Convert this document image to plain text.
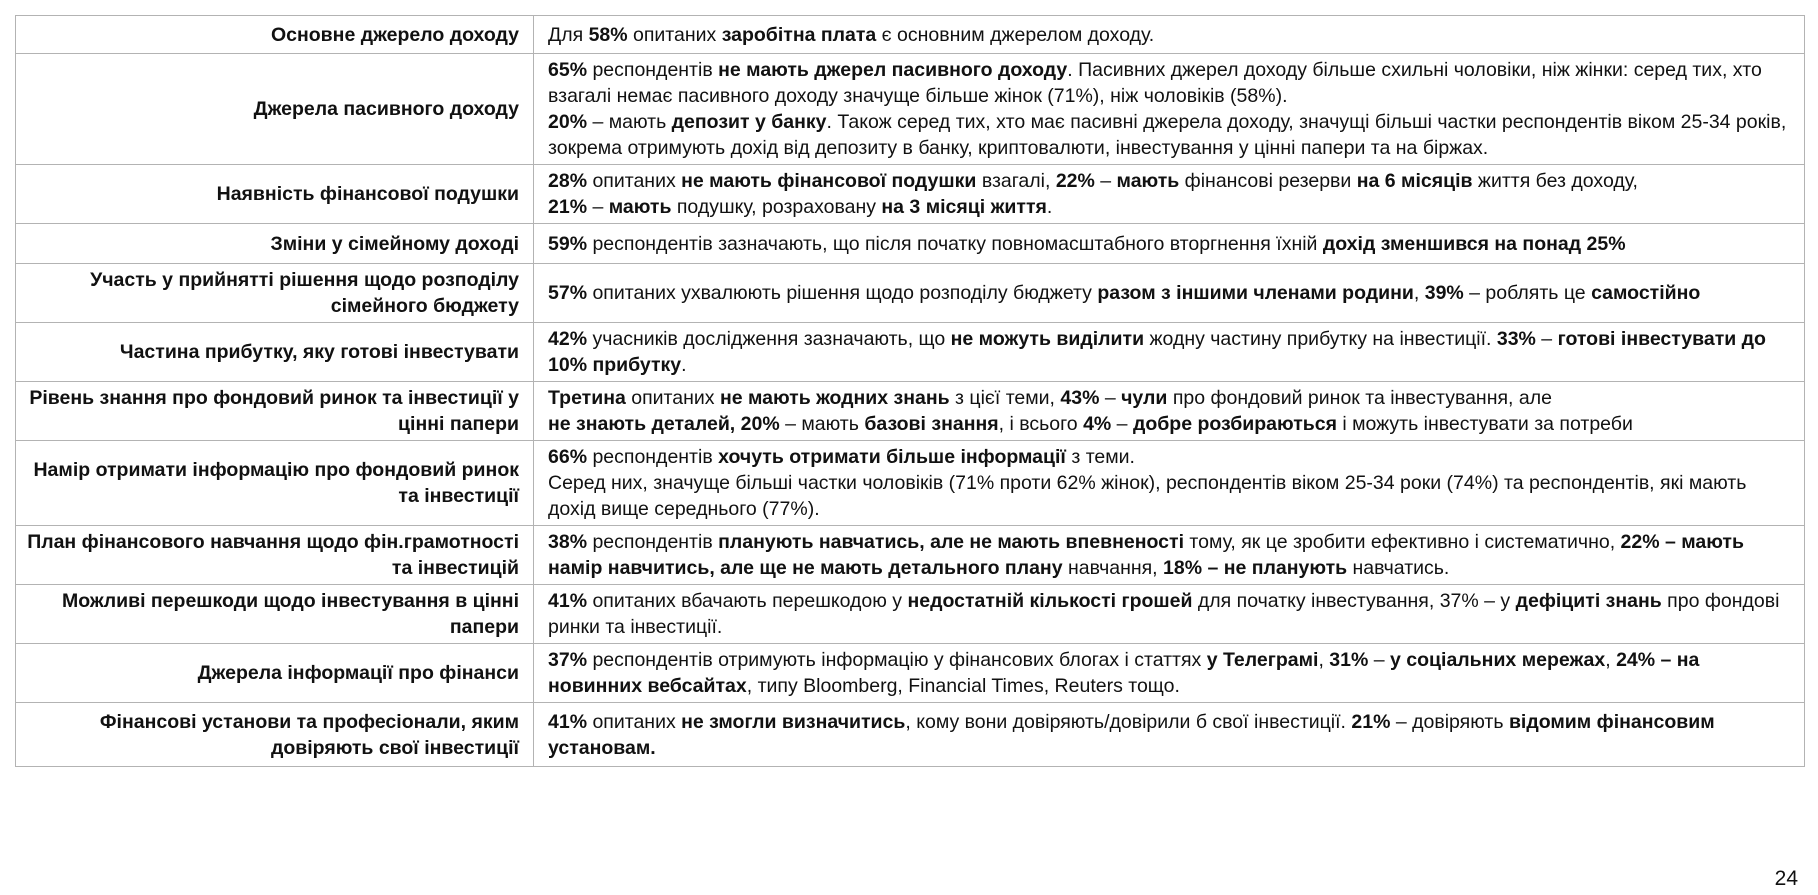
Основне джерело доходу	Для 58% опитаних заробітна плата є основним джерелом доходу.
Джерела пасивного доходу	65% респондентів не мають джерел пасивного доходу. Пасивних джерел доходу більше схильні чоловіки, ніж жінки: серед тих, хто взагалі немає пасивного доходу значуще більше жінок (71%), ніж чоловіків (58%).
20% – мають депозит у банку. Також серед тих, хто має пасивні джерела доходу, значущі більші частки респондентів віком 25-34 років, зокрема отримують дохід від депозиту в банку, криптовалюти, інвестування у цінні папери та на біржах.
Наявність фінансової подушки	28% опитаних не мають фінансової подушки взагалі, 22% – мають фінансові резерви на 6 місяців життя без доходу,
21% – мають подушку, розраховану на 3 місяці життя.
Зміни у сімейному доході	59% респондентів зазначають, що після початку повномасштабного вторгнення їхній дохід зменшився на понад 25%
Участь у прийнятті рішення щодо розподілу сімейного бюджету	57% опитаних ухвалюють рішення щодо розподілу бюджету разом з іншими членами родини, 39% – роблять це самостійно
Частина прибутку, яку готові інвестувати	42% учасників дослідження зазначають, що не можуть виділити жодну частину прибутку на інвестиції. 33% – готові інвестувати до 10% прибутку.
Рівень знання про фондовий ринок та інвестиції у цінні папери	Третина опитаних не мають жодних знань з цієї теми, 43% – чули про фондовий ринок та інвестування, але
не знають деталей, 20% – мають базові знання, і всього 4% – добре розбираються і можуть інвестувати за потреби
Намір отримати інформацію про фондовий ринок та інвестиції	66% респондентів хочуть отримати більше інформації з теми.
Серед них, значуще більші частки чоловіків (71% проти 62% жінок), респондентів віком 25-34 роки (74%) та респондентів, які мають дохід вище середнього (77%).
План фінансового навчання щодо фін.грамотності та інвестицій	38% респондентів планують навчатись, але не мають впевненості тому, як це зробити ефективно і систематично, 22% – мають намір навчитись, але ще не мають детального плану навчання, 18% – не планують навчатись.
Можливі перешкоди щодо інвестування в цінні папери	41% опитаних вбачають перешкодою у недостатній кількості грошей для початку інвестування, 37% – у дефіциті знань про фондові ринки та інвестиції.
Джерела інформації про фінанси	37% респондентів отримують інформацію у фінансових блогах і статтях у Телеграмі, 31% – у соціальних мережах, 24% – на новинних вебсайтах, типу Bloomberg, Financial Times, Reuters тощо.
Фінансові установи та професіонали, яким довіряють свої інвестиції	41% опитаних не змогли визначитись, кому вони довіряють/довірили б свої інвестиції. 21% – довіряють відомим фінансовим установам.
24
